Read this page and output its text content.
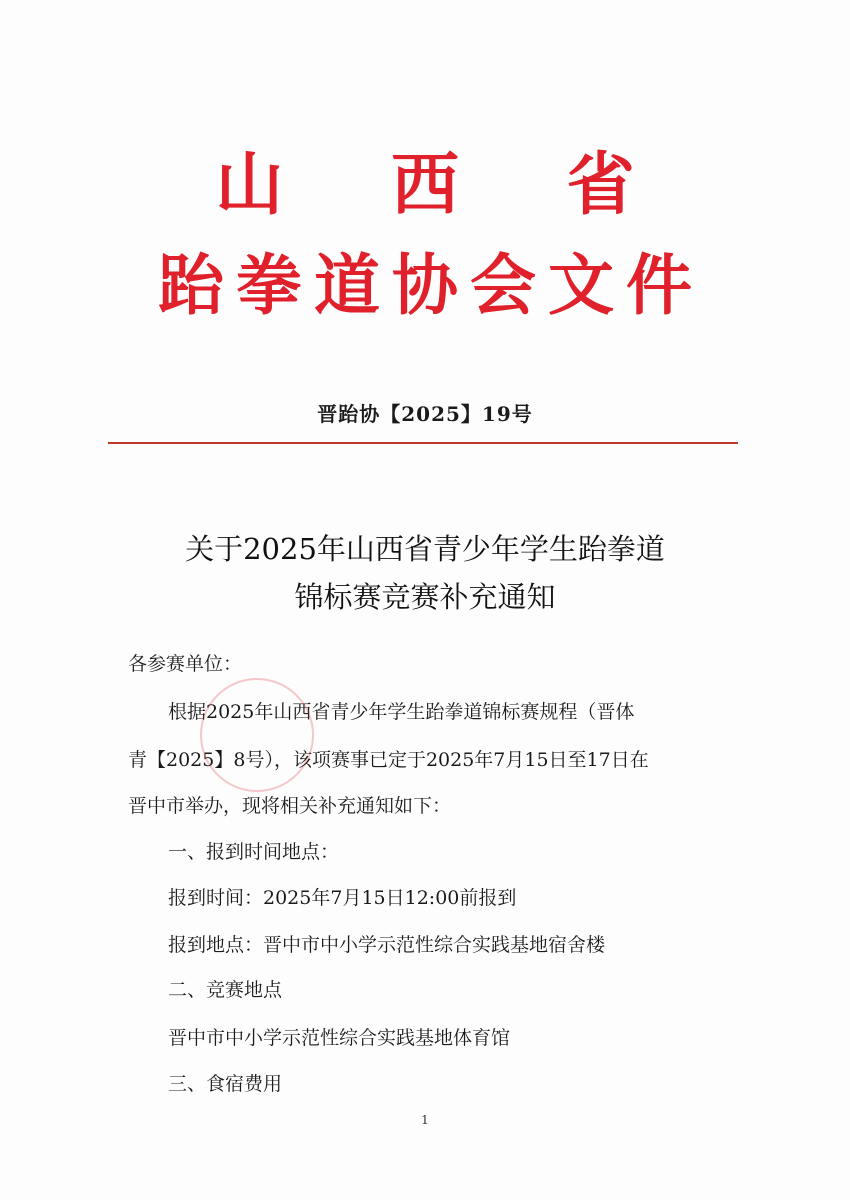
山 西 省
跆拳道协会文件
晋跆协【2025】19号
关于2025年山西省青少年学生跆拳道
锦标赛竞赛补充通知
各参赛单位：
根据2025年山西省青少年学生跆拳道锦标赛规程（晋体
青【2025】8号），该项赛事已定于2025年7月15日至17日在
晋中市举办，现将相关补充通知如下：
一、报到时间地点：
报到时间：2025年7月15日12:00前报到
报到地点：晋中市中小学示范性综合实践基地宿舍楼
二、竞赛地点
晋中市中小学示范性综合实践基地体育馆
三、食宿费用
1
